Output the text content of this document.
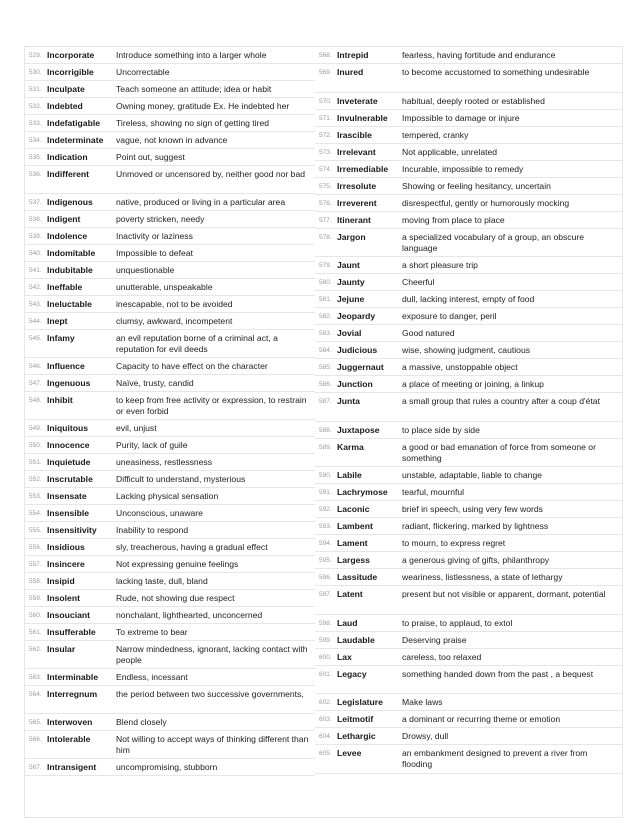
529. Incorporate	Introduce something into a larger whole
530. Incorrigible	Uncorrectable
531. Inculpate	Teach someone an attitude; idea or habit
532. Indebted	Owning money, gratitude Ex. He indebted her
533. Indefatigable	Tireless, showing no sign of getting tired
534. Indeterminate	vague, not known in advance
535. Indication	Point out, suggest
536. Indifferent	Unmoved or uncensored by, neither good nor bad
537. Indigenous	native, produced or living in a particular area
538. Indigent	poverty stricken, needy
539. Indolence	Inactivity or laziness
540. Indomitable	Impossible to defeat
541. Indubitable	unquestionable
542. Ineffable	unutterable, unspeakable
543. Ineluctable	inescapable, not to be avoided
544. Inept	clumsy, awkward, incompetent
545. Infamy	an evil reputation borne of a criminal act, a reputation for evil deeds
546. Influence	Capacity to have effect on the character
547. Ingenuous	Naïve, trusty, candid
548. Inhibit	to keep from free activity or expression, to restrain or even forbid
549. Iniquitous	evil, unjust
550. Innocence	Purity, lack of guile
551. Inquietude	uneasiness, restlessness
552. Inscrutable	Difficult to understand, mysterious
553. Insensate	Lacking physical sensation
554. Insensible	Unconscious, unaware
555. Insensitivity	Inability to respond
556. Insidious	sly, treacherous, having a gradual effect
557. Insincere	Not expressing genuine feelings
558. Insipid	lacking taste, dull, bland
559. Insolent	Rude, not showing due respect
560. Insouciant	nonchalant, lighthearted, unconcerned
561. Insufferable	To extreme to bear
562. Insular	Narrow mindedness, ignorant, lacking contact with people
563. Interminable	Endless, incessant
564. Interregnum	the period between two successive governments,
565. Interwoven	Blend closely
566. Intolerable	Not willing to accept ways of thinking different than him
567. Intransigent	uncompromising, stubborn
568. Intrepid	fearless, having fortitude and endurance
569. Inured	to become accustomed to something undesirable
570. Inveterate	habitual, deeply rooted or established
571. Invulnerable	Impossible to damage or injure
572. Irascible	tempered, cranky
573. Irrelevant	Not applicable, unrelated
574. Irremediable	Incurable, impossible to remedy
575. Irresolute	Showing or feeling hesitancy, uncertain
576. Irreverent	disrespectful, gently or humorously mocking
577. Itinerant	moving from place to place
578. Jargon	a specialized vocabulary of a group, an obscure language
579. Jaunt	a short pleasure trip
580. Jaunty	Cheerful
581. Jejune	dull, lacking interest, empty of food
582. Jeopardy	exposure to danger, peril
583. Jovial	Good natured
584. Judicious	wise, showing judgment, cautious
585. Juggernaut	a massive, unstoppable object
586. Junction	a place of meeting or joining, a linkup
587. Junta	a small group that rules a country after a coup d'état
588. Juxtapose	to place side by side
589. Karma	a good or bad emanation of force from someone or something
590. Labile	unstable, adaptable, liable to change
591. Lachrymose	tearful, mournful
592. Laconic	brief in speech, using very few words
593. Lambent	radiant, flickering, marked by lightness
594. Lament	to mourn, to express regret
595. Largess	a generous giving of gifts, philanthropy
596. Lassitude	weariness, listlessness, a state of lethargy
597. Latent	present but not visible or apparent, dormant, potential
598. Laud	to praise, to applaud, to extol
599. Laudable	Deserving praise
600. Lax	careless, too relaxed
601. Legacy	something handed down from the past , a bequest
602. Legislature	Make laws
603. Leitmotif	a dominant or recurring theme or emotion
604. Lethargic	Drowsy, dull
605. Levee	an embankment designed to prevent a river from flooding
